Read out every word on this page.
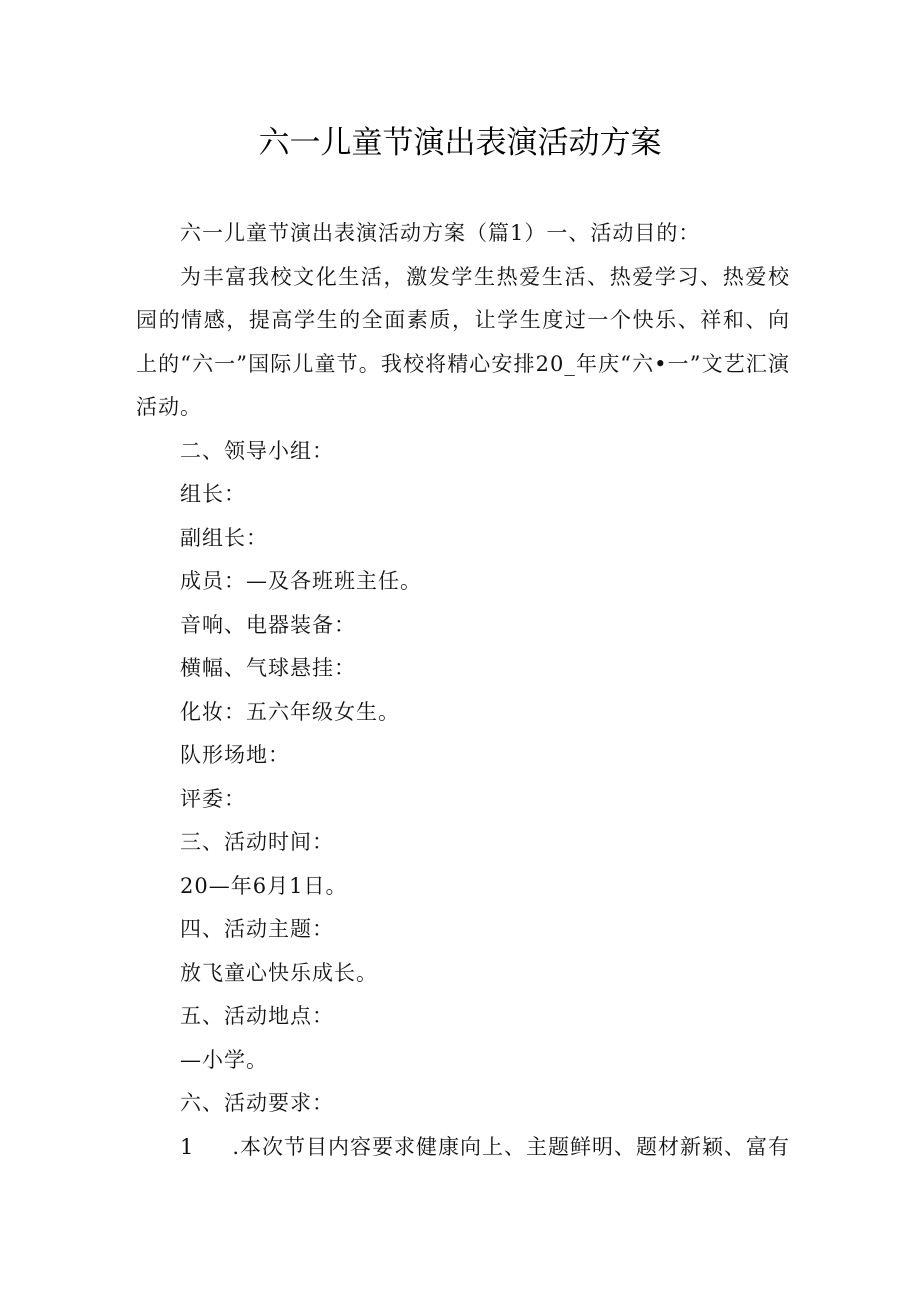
六一儿童节演出表演活动方案

六一儿童节演出表演活动方案（篇1）一、活动目的：

为丰富我校文化生活，激发学生热爱生活、热爱学习、热爱校园的情感，提高学生的全面素质，让学生度过一个快乐、祥和、向上的“六一”国际儿童节。我校将精心安排20_年庆“六•一”文艺汇演活动。

二、领导小组：

组长：

副组长：

成员：—及各班班主任。

音响、电器装备：

横幅、气球悬挂：

化妆：五六年级女生。

队形场地：

评委：

三、活动时间：

20—年6月1日。

四、活动主题：

放飞童心快乐成长。

五、活动地点：

—小学。

六、活动要求：

1	.本次节目内容要求健康向上、主题鲜明、题材新颖、富有
